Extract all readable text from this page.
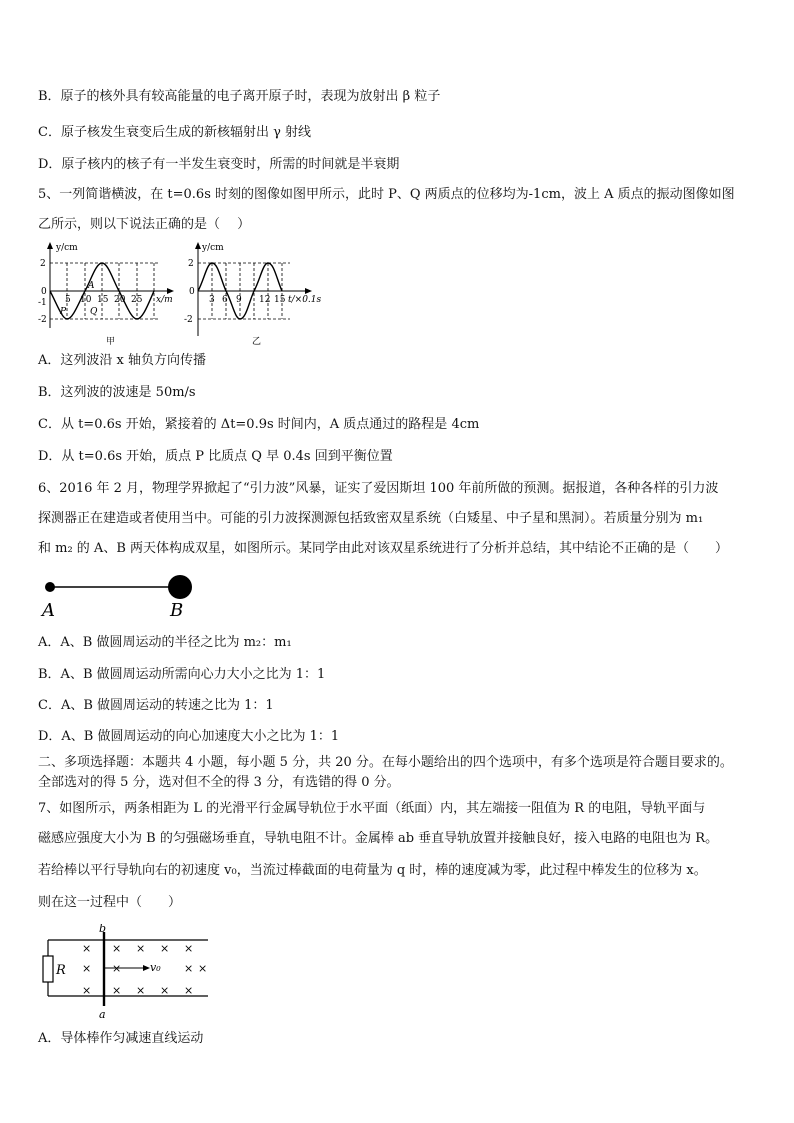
B．原子的核外具有较高能量的电子离开原子时，表现为放射出 β 粒子
C．原子核发生衰变后生成的新核辐射出 γ 射线
D．原子核内的核子有一半发生衰变时，所需的时间就是半衰期
5、一列简谐横波，在 t=0.6s 时刻的图像如图甲所示，此时 P、Q 两质点的位移均为-1cm，波上 A 质点的振动图像如图
乙所示，则以下说法正确的是（　 ）
y/cm
2
0
-1
-2
5 10 15 20 25 x/m
A
P	Q
甲
y/cm
2
0
-2
3 6 9 12 15 t/×0.1s
乙
A．这列波沿 x 轴负方向传播
B．这列波的波速是 50m/s
C．从 t=0.6s 开始，紧接着的 Δt=0.9s 时间内，A 质点通过的路程是 4cm
D．从 t=0.6s 开始，质点 P 比质点 Q 早 0.4s 回到平衡位置
6、2016 年 2 月，物理学界掀起了“引力波”风暴，证实了爱因斯坦 100 年前所做的预测。据报道，各种各样的引力波
探测器正在建造或者使用当中。可能的引力波探测源包括致密双星系统（白矮星、中子星和黑洞）。若质量分别为 m₁
和 m₂ 的 A、B 两天体构成双星，如图所示。某同学由此对该双星系统进行了分析并总结，其中结论不正确的是（　　）
A	B
A．A、B 做圆周运动的半径之比为 m₂：m₁
B．A、B 做圆周运动所需向心力大小之比为 1：1
C．A、B 做圆周运动的转速之比为 1：1
D．A、B 做圆周运动的向心加速度大小之比为 1：1
二、多项选择题：本题共 4 小题，每小题 5 分，共 20 分。在每小题给出的四个选项中，有多个选项是符合题目要求的。
全部选对的得 5 分，选对但不全的得 3 分，有选错的得 0 分。
7、如图所示，两条相距为 L 的光滑平行金属导轨位于水平面（纸面）内，其左端接一阻值为 R 的电阻，导轨平面与
磁感应强度大小为 B 的匀强磁场垂直，导轨电阻不计。金属棒 ab 垂直导轨放置并接触良好，接入电路的电阻也为 R。
若给棒以平行导轨向右的初速度 v₀，当流过棒截面的电荷量为 q 时，棒的速度减为零，此过程中棒发生的位移为 x。
则在这一过程中（　　）
R
b
a
v₀
× × × × ×
× ×	× ×
× × × × ×
A．导体棒作匀减速直线运动
